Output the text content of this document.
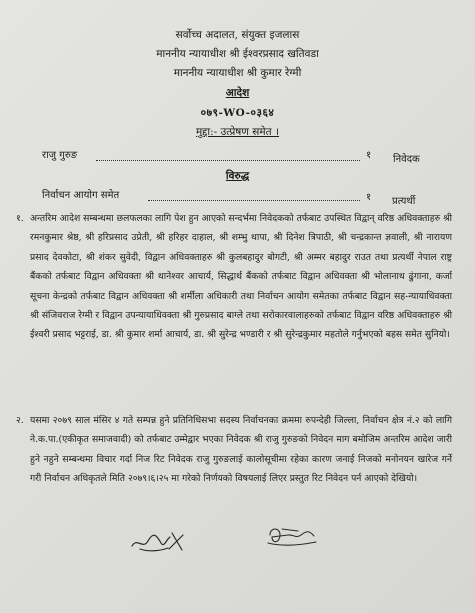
सर्वोच्च अदालत, संयुक्त इजलास
माननीय न्यायाधीश श्री ईश्वरप्रसाद खतिवडा
माननीय न्यायाधीश श्री कुमार रेग्मी
आदेश
०७९-WO-०३६४
मुद्दा:- उत्प्रेषण समेत ।
राजु गुरुङ	१ निवेदक
विरुद्ध
निर्वाचन आयोग समेत	१ प्रत्यर्थी
१. अन्तरिम आदेश सम्बन्धमा छलफलका लागि पेश हुन आएको सन्दर्भमा निवेदकको तर्फबाट उपस्थित विद्वान् वरिष्ठ अधिवक्ताहरु श्री रमनकुमार श्रेष्ठ, श्री हरिप्रसाद उप्रेती, श्री हरिहर दाहाल, श्री शम्भु थापा, श्री दिनेश त्रिपाठी, श्री चन्द्रकान्त ज्ञवाली, श्री नारायण प्रसाद देवकोटा, श्री शंकर सुवेदी, विद्वान अधिवक्ताहरु श्री कुलबहादुर बोगटी, श्री अम्मर बहादुर राउत तथा प्रत्यर्थी नेपाल राष्ट्र बैंकको तर्फबाट विद्वान अधिवक्ता श्री थानेश्वर आचार्य, सिद्धार्थ बैंकको तर्फबाट विद्वान अधिवक्ता श्री भोलानाथ ढुंगाना, कर्जा सूचना केन्द्रको तर्फबाट विद्वान अधिवक्ता श्री शर्मीला अधिकारी तथा निर्वाचन आयोग समेतका तर्फबाट विद्वान सह-न्यायाधिवक्ता श्री संजिवराज रेग्मी र विद्वान उपन्यायाधिवक्ता श्री गुरुप्रसाद बाग्ले तथा सरोकारवालाहरुको तर्फबाट विद्वान वरिष्ठ अधिवक्ताहरु श्री ईश्वरी प्रसाद भट्टराई, डा. श्री कुमार शर्मा आचार्य, डा. श्री सुरेन्द्र भण्डारी र श्री सुरेन्द्रकुमार महतोले गर्नुभएको बहस समेत सुनियो।
२. यसमा २०७९ साल मंसिर ४ गते सम्पन्न हुने प्रतिनिधिसभा सदस्य निर्वाचनका क्रममा रुपन्देही जिल्ला, निर्वाचन क्षेत्र नं.२ को लागि ने.क.पा.(एकीकृत समाजवादी) को तर्फबाट उम्मेद्वार भएका निवेदक श्री राजु गुरुङको निवेदन माग बमोजिम अन्तरिम आदेश जारी हुने नहुने सम्बन्धमा विचार गर्दा निज रिट निवेदक राजु गुरुङलाई कालोसूचीमा रहेका कारण जनाई निजको मनोनयन खारेज गर्ने गरी निर्वाचन अधिकृतले मिति २०७९।६।२५ मा गरेको निर्णयको विषयलाई लिएर प्रस्तुत रिट निवेदन पर्न आएको देखियो।
